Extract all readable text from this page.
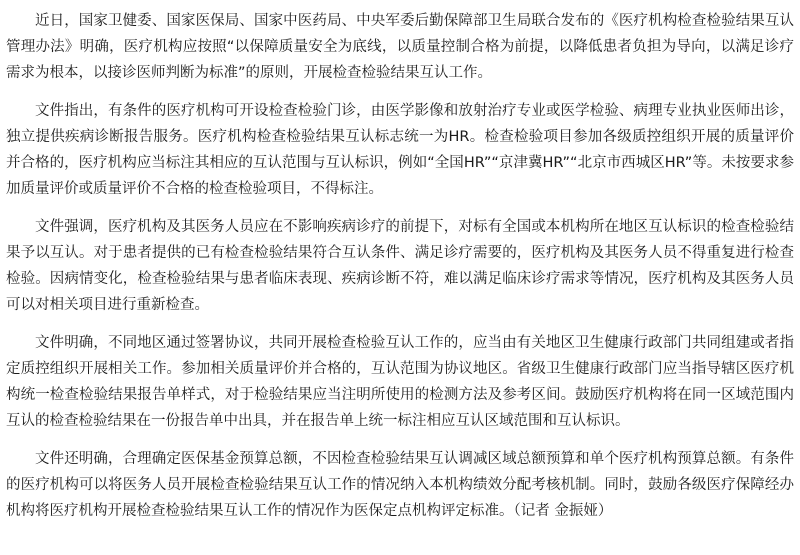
近日，国家卫健委、国家医保局、国家中医药局、中央军委后勤保障部卫生局联合发布的《医疗机构检查检验结果互认管理办法》明确，医疗机构应按照“以保障质量安全为底线，以质量控制合格为前提，以降低患者负担为导向，以满足诊疗需求为根本，以接诊医师判断为标准”的原则，开展检查检验结果互认工作。

文件指出，有条件的医疗机构可开设检查检验门诊，由医学影像和放射治疗专业或医学检验、病理专业执业医师出诊，独立提供疾病诊断报告服务。医疗机构检查检验结果互认标志统一为HR。检查检验项目参加各级质控组织开展的质量评价并合格的，医疗机构应当标注其相应的互认范围与互认标识，例如“全国HR”“京津冀HR”“北京市西城区HR”等。未按要求参加质量评价或质量评价不合格的检查检验项目，不得标注。

文件强调，医疗机构及其医务人员应在不影响疾病诊疗的前提下，对标有全国或本机构所在地区互认标识的检查检验结果予以互认。对于患者提供的已有检查检验结果符合互认条件、满足诊疗需要的，医疗机构及其医务人员不得重复进行检查检验。因病情变化，检查检验结果与患者临床表现、疾病诊断不符，难以满足临床诊疗需求等情况，医疗机构及其医务人员可以对相关项目进行重新检查。

文件明确，不同地区通过签署协议，共同开展检查检验互认工作的，应当由有关地区卫生健康行政部门共同组建或者指定质控组织开展相关工作。参加相关质量评价并合格的，互认范围为协议地区。省级卫生健康行政部门应当指导辖区医疗机构统一检查检验结果报告单样式，对于检验结果应当注明所使用的检测方法及参考区间。鼓励医疗机构将在同一区域范围内互认的检查检验结果在一份报告单中出具，并在报告单上统一标注相应互认区域范围和互认标识。

文件还明确，合理确定医保基金预算总额，不因检查检验结果互认调减区域总额预算和单个医疗机构预算总额。有条件的医疗机构可以将医务人员开展检查检验结果互认工作的情况纳入本机构绩效分配考核机制。同时，鼓励各级医疗保障经办机构将医疗机构开展检查检验结果互认工作的情况作为医保定点机构评定标准。（记者 金振娅）
